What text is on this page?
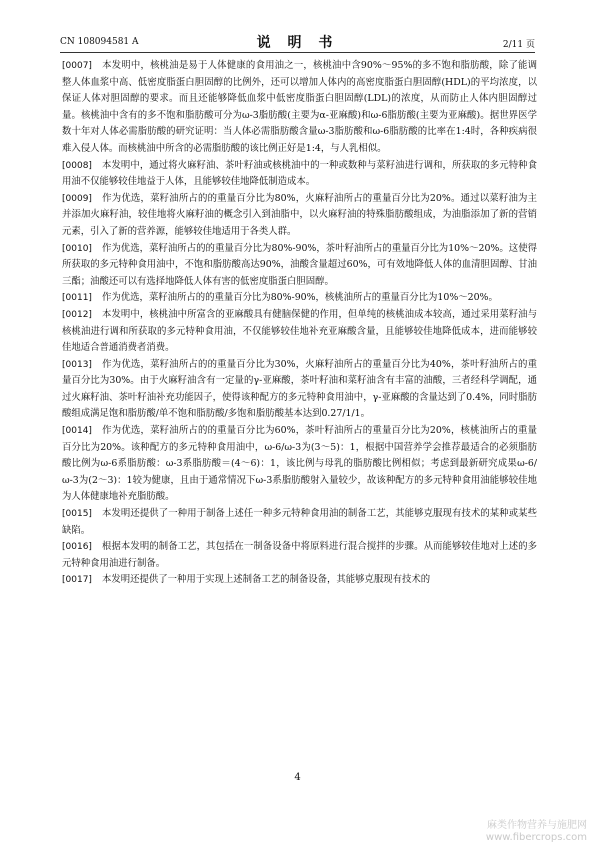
CN 108094581 A	说 明 书	2/11 页

[0007] 本发明中，核桃油是易于人体健康的食用油之一，核桃油中含90%～95%的多不饱和脂肪酸，除了能调整人体血浆中高、低密度脂蛋白胆固醇的比例外，还可以增加人体内的高密度脂蛋白胆固醇(HDL)的平均浓度，以保证人体对胆固醇的要求。而且还能够降低血浆中低密度脂蛋白胆固醇(LDL)的浓度，从而防止人体内胆固醇过量。核桃油中含有的多不饱和脂肪酸可分为ω-3脂肪酸(主要为α-亚麻酸)和ω-6脂肪酸(主要为亚麻酸)。据世界医学数十年对人体必需脂肪酸的研究证明：当人体必需脂肪酸含量ω-3脂肪酸和ω-6脂肪酸的比率在1:4时，各种疾病很难入侵人体。而核桃油中所含的必需脂肪酸的该比例正好是1:4，与人乳相似。

[0008] 本发明中，通过将火麻籽油、茶叶籽油或核桃油中的一种或数种与菜籽油进行调和，所获取的多元特种食用油不仅能够较佳地益于人体，且能够较佳地降低制造成本。

[0009] 作为优选，菜籽油所占的的重量百分比为80%，火麻籽油所占的重量百分比为20%。通过以菜籽油为主并添加火麻籽油，较佳地将火麻籽油的概念引入到油脂中，以火麻籽油的特殊脂肪酸组成，为油脂添加了新的营销元素，引入了新的营养源，能够较佳地适用于各类人群。

[0010] 作为优选，菜籽油所占的的重量百分比为80%-90%，茶叶籽油所占的重量百分比为10%～20%。这使得所获取的多元特种食用油中，不饱和脂肪酸高达90%，油酸含量超过60%，可有效地降低人体的血清胆固醇、甘油三酯；油酸还可以有选择地降低人体有害的低密度脂蛋白胆固醇。

[0011] 作为优选，菜籽油所占的的重量百分比为80%-90%，核桃油所占的重量百分比为10%～20%。

[0012] 本发明中，核桃油中所富含的亚麻酸具有健脑保健的作用，但单纯的核桃油成本较高，通过采用菜籽油与核桃油进行调和所获取的多元特种食用油，不仅能够较佳地补充亚麻酸含量，且能够较佳地降低成本，进而能够较佳地适合普通消费者消费。

[0013] 作为优选，菜籽油所占的的重量百分比为30%，火麻籽油所占的重量百分比为40%，茶叶籽油所占的重量百分比为30%。由于火麻籽油含有一定量的γ-亚麻酸，茶叶籽油和菜籽油含有丰富的油酸，三者经科学调配，通过火麻籽油、茶叶籽油补充功能因子，使得该种配方的多元特种食用油中，γ-亚麻酸的含量达到了0.4%，同时脂肪酸组成满足饱和脂肪酸/单不饱和脂肪酸/多饱和脂肪酸基本达到0.27/1/1。

[0014] 作为优选，菜籽油所占的的重量百分比为60%，茶叶籽油所占的重量百分比为20%，核桃油所占的重量百分比为20%。该种配方的多元特种食用油中，ω-6/ω-3为(3～5)：1，根据中国营养学会推荐最适合的必须脂肪酸比例为ω-6系脂肪酸：ω-3系脂肪酸＝(4～6)：1，该比例与母乳的脂肪酸比例相似；考虑到最新研究成果ω-6/ω-3为(2～3)：1较为健康，且由于通常情况下ω-3系脂肪酸射入量较少，故该种配方的多元特种食用油能够较佳地为人体健康地补充脂肪酸。

[0015] 本发明还提供了一种用于制备上述任一种多元特种食用油的制备工艺，其能够克服现有技术的某种或某些缺陷。

[0016] 根据本发明的制备工艺，其包括在一制备设备中将原料进行混合搅拌的步骤。从而能够较佳地对上述的多元特种食用油进行制备。

[0017] 本发明还提供了一种用于实现上述制备工艺的制备设备，其能够克服现有技术的

4
麻类作物营养与施肥网
www.fibercrops.com
